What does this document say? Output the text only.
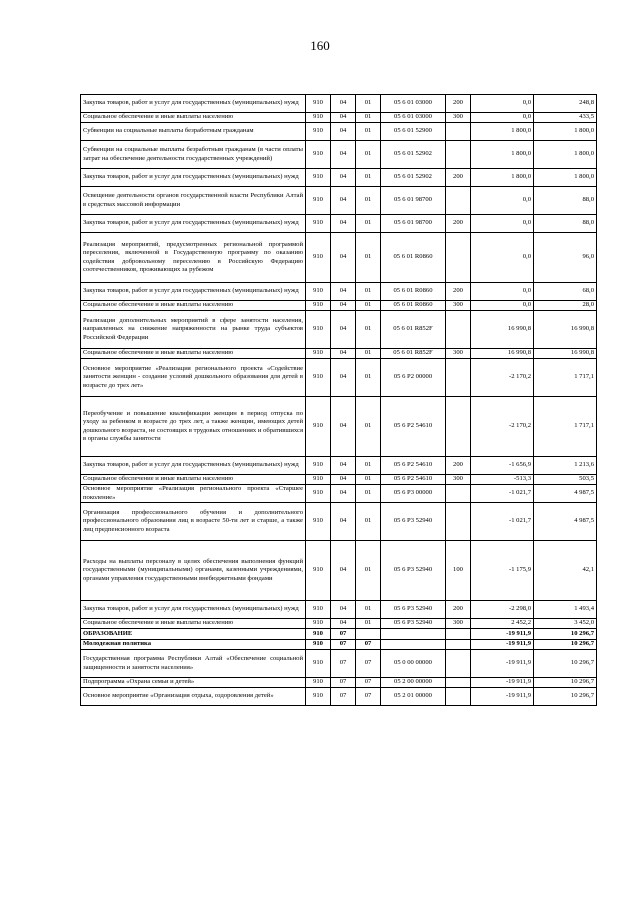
160
Закупка товаров, работ и услуг для государственных (муниципальных) нужд	910	04	01	05 6 01 03000	200	0,0	248,8
Социальное обеспечение и иные выплаты населению	910	04	01	05 6 01 03000	300	0,0	433,5
Субвенции на социальные выплаты безработным гражданам	910	04	01	05 6 01 52900		1 800,0	1 800,0
Субвенции на социальные выплаты безработным гражданам (в части оплаты затрат на обеспечение деятельности государственных учреждений)	910	04	01	05 6 01 52902		1 800,0	1 800,0
Закупка товаров, работ и услуг для государственных (муниципальных) нужд	910	04	01	05 6 01 52902	200	1 800,0	1 800,0
Освещение деятельности органов государственной власти Республики Алтай в средствах массовой информации	910	04	01	05 6 01 98700		0,0	88,0
Закупка товаров, работ и услуг для государственных (муниципальных) нужд	910	04	01	05 6 01 98700	200	0,0	88,0
Реализация мероприятий, предусмотренных региональной программой переселения, включенной в Государственную программу по оказанию содействия добровольному переселению в Российскую Федерацию соотечественников, проживающих за рубежом	910	04	01	05 6 01 R0860		0,0	96,0
Закупка товаров, работ и услуг для государственных (муниципальных) нужд	910	04	01	05 6 01 R0860	200	0,0	68,0
Социальное обеспечение и иные выплаты населению	910	04	01	05 6 01 R0860	300	0,0	28,0
Реализация дополнительных мероприятий в сфере занятости населения, направленных на снижение напряженности на рынке труда субъектов Российской Федерации	910	04	01	05 6 01 R852F		16 990,8	16 990,8
Социальное обеспечение и иные выплаты населению	910	04	01	05 6 01 R852F	300	16 990,8	16 990,8
Основное мероприятие «Реализация регионального проекта «Содействие занятости женщин - создание условий дошкольного образования для детей в возрасте до трех лет»	910	04	01	05 6 P2 00000		-2 170,2	1 717,1
Переобучение и повышение квалификации женщин в период отпуска по уходу за ребенком в возрасте до трех лет, а также женщин, имеющих детей дошкольного возраста, не состоящих в трудовых отношениях и обратившихся в органы службы занятости	910	04	01	05 6 P2 54610		-2 170,2	1 717,1
Закупка товаров, работ и услуг для государственных (муниципальных) нужд	910	04	01	05 6 P2 54610	200	-1 656,9	1 213,6
Социальное обеспечение и иные выплаты населению	910	04	01	05 6 P2 54610	300	-513,3	503,5
Основное мероприятие «Реализация регионального проекта «Старшее поколение»	910	04	01	05 6 P3 00000		-1 021,7	4 987,5
Организация профессионального обучения и дополнительного профессионального образования лиц в возрасте 50-ти лет и старше, а также лиц предпенсионного возраста	910	04	01	05 6 P3 52940		-1 021,7	4 987,5
Расходы на выплаты персоналу в целях обеспечения выполнения функций государственными (муниципальными) органами, казенными учреждениями, органами управления государственными внебюджетными фондами	910	04	01	05 6 P3 52940	100	-1 175,9	42,1
Закупка товаров, работ и услуг для государственных (муниципальных) нужд	910	04	01	05 6 P3 52940	200	-2 298,0	1 493,4
Социальное обеспечение и иные выплаты населению	910	04	01	05 6 P3 52940	300	2 452,2	3 452,0
ОБРАЗОВАНИЕ	910	07				-19 911,9	10 296,7
Молодежная политика	910	07	07			-19 911,9	10 296,7
Государственная программа Республики Алтай «Обеспечение социальной защищенности и занятости населения»	910	07	07	05 0 00 00000		-19 911,9	10 296,7
Подпрограмма «Охрана семьи и детей»	910	07	07	05 2 00 00000		-19 911,9	10 296,7
Основное мероприятие «Организация отдыха, оздоровления детей»	910	07	07	05 2 01 00000		-19 911,9	10 296,7
